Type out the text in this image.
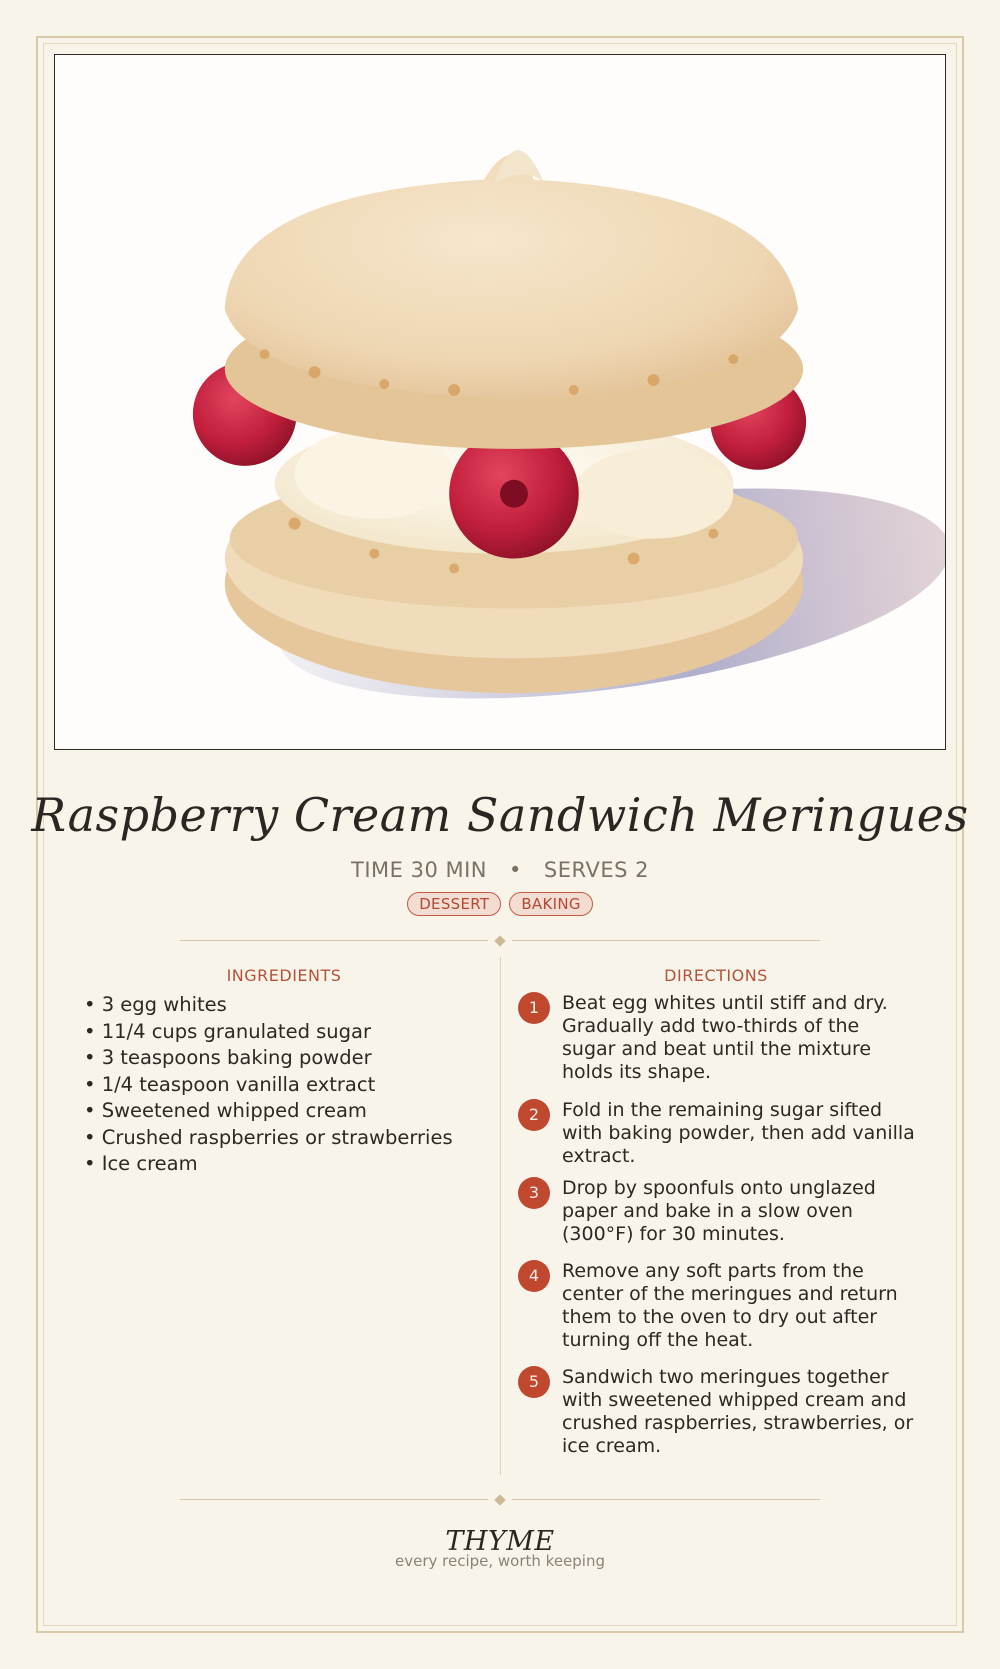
Raspberry Cream Sandwich Meringues
TIME 30 MIN • SERVES 2
DESSERT	BAKING
INGREDIENTS	DIRECTIONS
• 3 egg whites
• 11/4 cups granulated sugar
• 3 teaspoons baking powder
• 1/4 teaspoon vanilla extract
• Sweetened whipped cream
• Crushed raspberries or strawberries
• Ice cream
1	Beat egg whites until stiff and dry. Gradually add two-thirds of the sugar and beat until the mixture holds its shape.
2	Fold in the remaining sugar sifted with baking powder, then add vanilla extract.
3	Drop by spoonfuls onto unglazed paper and bake in a slow oven (300°F) for 30 minutes.
4	Remove any soft parts from the center of the meringues and return them to the oven to dry out after turning off the heat.
5	Sandwich two meringues together with sweetened whipped cream and crushed raspberries, strawberries, or ice cream.
THYME
every recipe, worth keeping
